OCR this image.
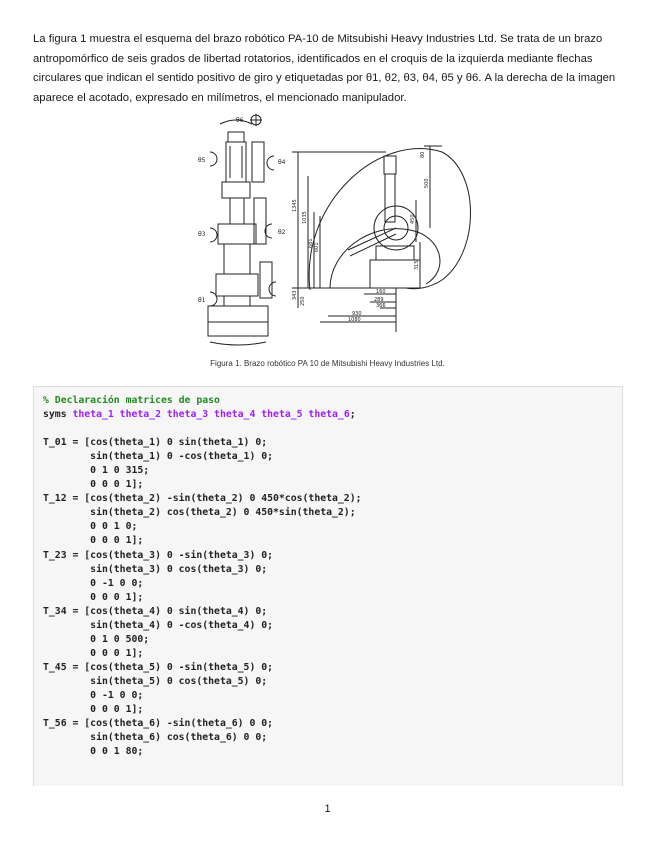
La figura 1 muestra el esquema del brazo robótico PA-10 de Mitsubishi Heavy Industries Ltd. Se trata de un brazo antropomórfico de seis grados de libertad rotatorios, identificados en el croquis de la izquierda mediante flechas circulares que indican el sentido positivo de giro y etiquetadas por θ1, θ2, θ3, θ4, θ5 y θ6. A la derecha de la imagen aparece el acotado, expresado en milímetros, el mencionado manipulador.

θ6
θ5	θ4
θ3	θ2
θ1
1345
1035
681 601
343
250
500
450
315
80
160
289
366
930
1080
Figura 1. Brazo robótico PA 10 de Mitsubishi Heavy Industries Ltd.
% Declaración matrices de paso
syms theta_1 theta_2 theta_3 theta_4 theta_5 theta_6;

T_01 = [cos(theta_1) 0 sin(theta_1) 0;
sin(theta_1) 0 -cos(theta_1) 0;
0 1 0 315;
0 0 0 1];
T_12 = [cos(theta_2) -sin(theta_2) 0 450*cos(theta_2);
sin(theta_2) cos(theta_2) 0 450*sin(theta_2);
0 0 1 0;
0 0 0 1];
T_23 = [cos(theta_3) 0 -sin(theta_3) 0;
sin(theta_3) 0 cos(theta_3) 0;
0 -1 0 0;
0 0 0 1];
T_34 = [cos(theta_4) 0 sin(theta_4) 0;
sin(theta_4) 0 -cos(theta_4) 0;
0 1 0 500;
0 0 0 1];
T_45 = [cos(theta_5) 0 -sin(theta_5) 0;
sin(theta_5) 0 cos(theta_5) 0;
0 -1 0 0;
0 0 0 1];
T_56 = [cos(theta_6) -sin(theta_6) 0 0;
sin(theta_6) cos(theta_6) 0 0;
0 0 1 80;

1
